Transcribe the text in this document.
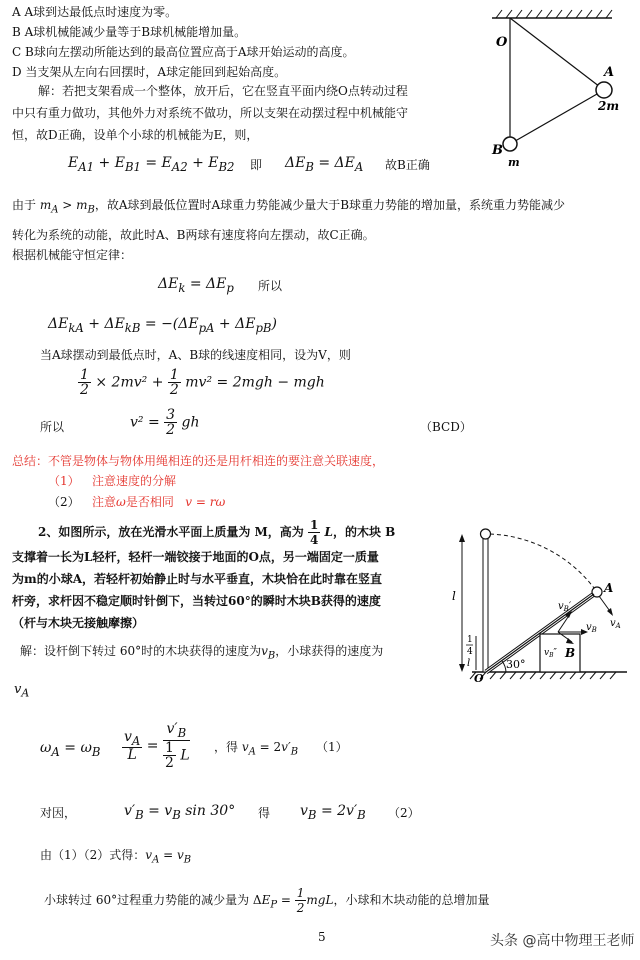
A A球到达最低点时速度为零。
B A球机械能减少量等于B球机械能增加量。
C B球向左摆动所能达到的最高位置应高于A球开始运动的高度。
D 当支架从左向右回摆时，A球定能回到起始高度。
解：若把支架看成一个整体，放开后，它在竖直平面内绕O点转动过程
中只有重力做功，其他外力对系统不做功，所以支架在动摆过程中机械能守
恒，故D正确，设单个小球的机械能为E，则，
$E_{A1} + E_{B1} = E_{A2} + E_{B2}$ 即 $\Delta E_B = \Delta E_A$ 故B正确
由于 $m_A > m_B$，故A球到最低位置时A球重力势能减少量大于B球重力势能的增加量，系统重力势能减少
转化为系统的动能，故此时A、B两球有速度将向左摆动，故C正确。
根据机械能守恒定律：
$\Delta E_k = \Delta E_p$ 所以
$\Delta E_{kA} + \Delta E_{kB} = -(\Delta E_{pA} + \Delta E_{pB})$
当A球摆动到最低点时，A、B球的线速度相同，设为V，则
$\frac{1}{2} \times 2mv^2 + \frac{1}{2} mv^2 = 2mgh$ − mgh
所以	$v^2 = \frac{3}{2}$ gh	（BCD）
总结：不管是物体与物体用绳相连的还是用杆相连的要注意关联速度，
（1） 注意速度的分解
（2） 注意ω是否相同   v = rω
2、如图所示，放在光滑水平面上质量为 M，高为 $\frac{1}{4}$ L，的木块 B
支撑着一长为L轻杆，轻杆一端铰接于地面的O点，另一端固定一质量
为m的小球A，若轻杆初始静止时与水平垂直，木块恰在此时靠在竖直
杆旁，求杆因不稳定顺时针倒下，当转过60°的瞬时木块B获得的速度
（杆与木块无接触摩擦）
解：设杆倒下转过 60°时的木块获得的速度为$v_B$，小球获得的速度为
$v_A$
$\omega_A = \omega_B \frac{v_A}{L} = \frac{v'_B}{\frac{1}{2} L}$ ，得 $v_A = 2v'_B$ （1）
对因，	$v'_B = v_B$ sin 30° 得 $v_B = 2v'_B$ （2）
由（1）（2）式得：$v_A = v_B$
小球转过 60°过程重力势能的减少量为 $\Delta E_P = \frac{1}{2}$ mgL，小球和木块动能的总增加量
5	头条 @高中物理王老师
O
A
2m
B
m
l
1
4
l	30°
O
A
$v_A$
$v_B$
$v_B'$
$v_B''$ B
